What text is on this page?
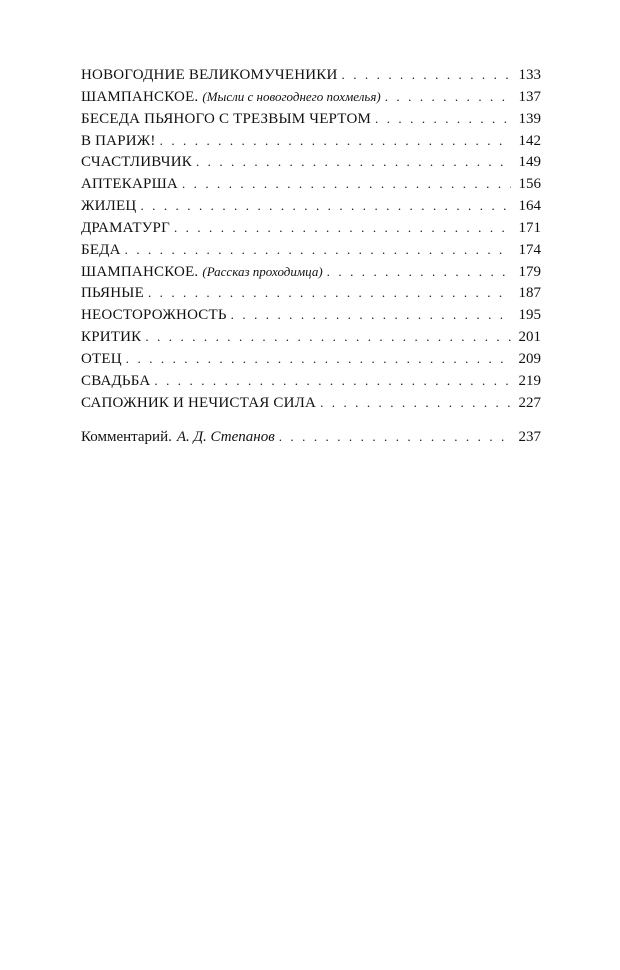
НОВОГОДНИЕ ВЕЛИКОМУЧЕНИКИ . . .	133
ШАМПАНСКОЕ. (Мысли с новогоднего похмелья) . . .	137
БЕСЕДА ПЬЯНОГО С ТРЕЗВЫМ ЧЕРТОМ . . .	139
В ПАРИЖ! . . .	142
СЧАСТЛИВЧИК . . .	149
АПТЕКАРША . . .	156
ЖИЛЕЦ . . .	164
ДРАМАТУРГ . . .	171
БЕДА . . .	174
ШАМПАНСКОЕ. (Рассказ проходимца) . . .	179
ПЬЯНЫЕ . . .	187
НЕОСТОРОЖНОСТЬ . . .	195
КРИТИК . . .	201
ОТЕЦ . . .	209
СВАДЬБА . . .	219
САПОЖНИК И НЕЧИСТАЯ СИЛА . . .	227
Комментарий. А. Д. Степанов . . .	237
